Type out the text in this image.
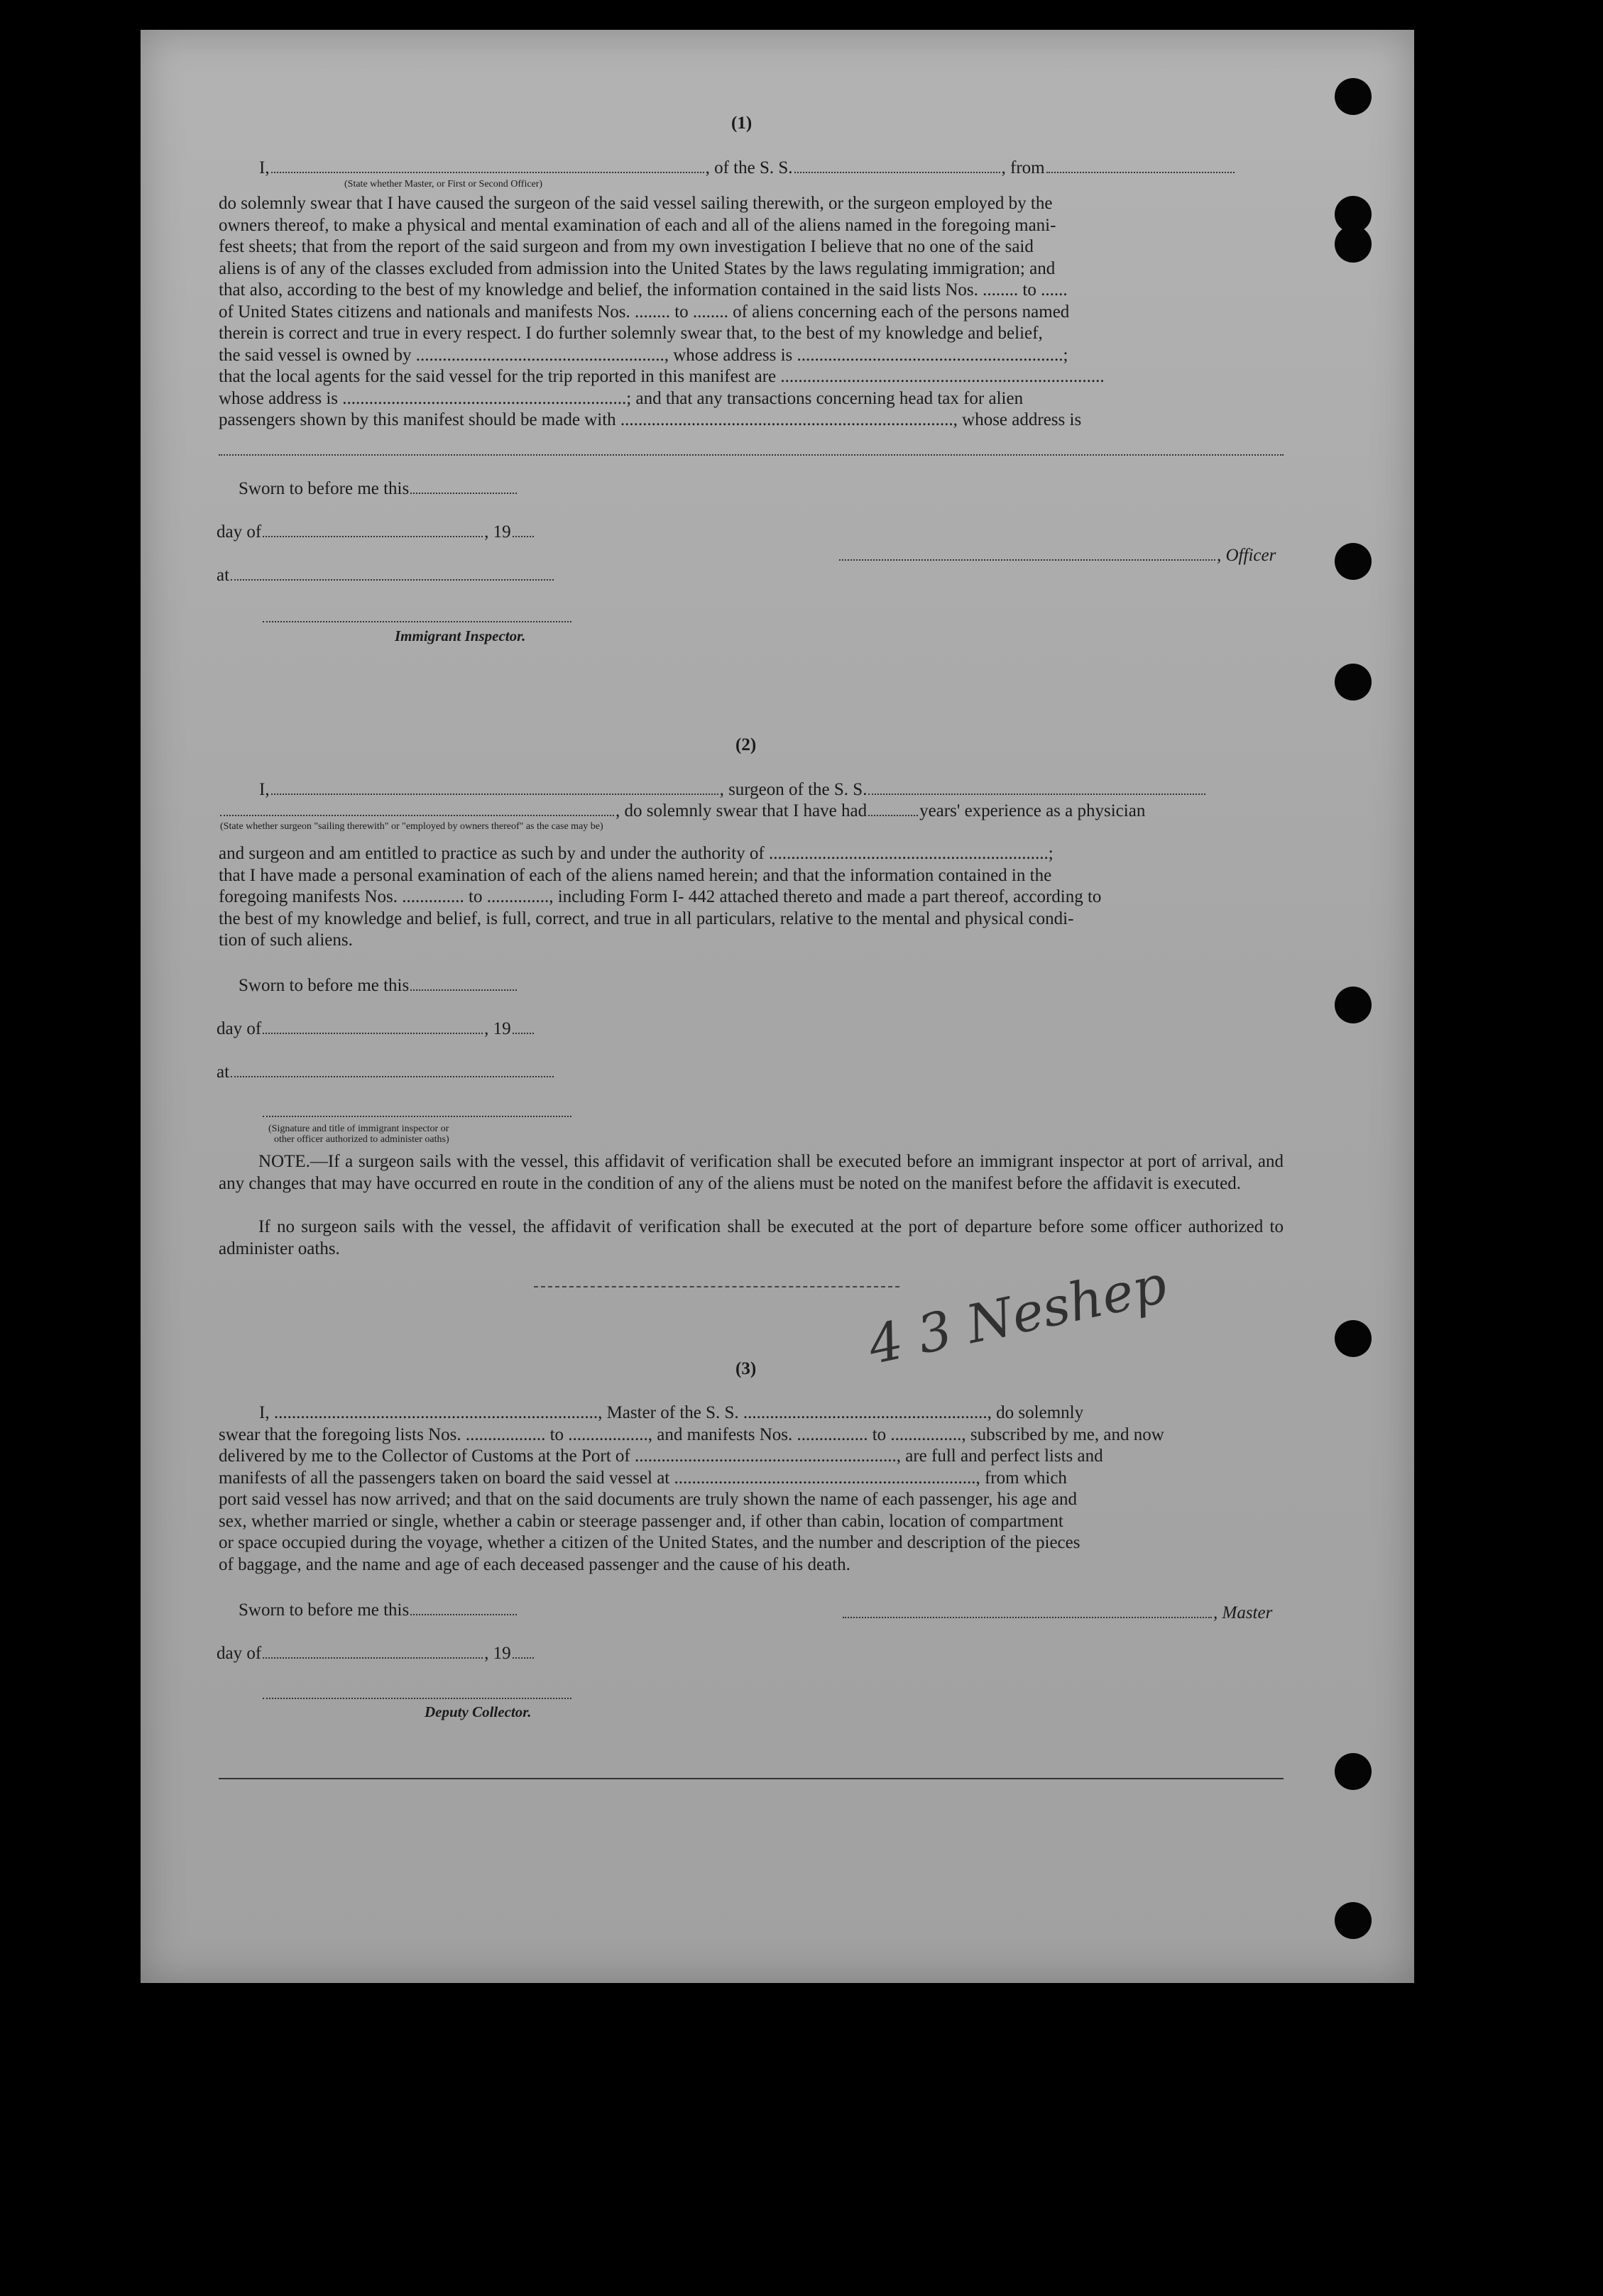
(1)
I,	, of the S. S.	, from
(State whether Master, or First or Second Officer)
do solemnly swear that I have caused the surgeon of the said vessel sailing therewith, or the surgeon employed by the
owners thereof, to make a physical and mental examination of each and all of the aliens named in the foregoing mani-
fest sheets; that from the report of the said surgeon and from my own investigation I believe that no one of the said
aliens is of any of the classes excluded from admission into the United States by the laws regulating immigration; and
that also, according to the best of my knowledge and belief, the information contained in the said lists Nos. ........ to ......
of United States citizens and nationals and manifests Nos. ........ to ........ of aliens concerning each of the persons named
therein is correct and true in every respect. I do further solemnly swear that, to the best of my knowledge and belief,
the said vessel is owned by ........................................................, whose address is ............................................................;
that the local agents for the said vessel for the trip reported in this manifest are .........................................................................
whose address is ................................................................; and that any transactions concerning head tax for alien
passengers shown by this manifest should be made with ..........................................................................., whose address is
Sworn to before me this
day of	, 19
, Officer
at
Immigrant Inspector.
(2)
I,	, surgeon of the S. S.
, do solemnly swear that I have had	years' experience as a physician
(State whether surgeon "sailing therewith" or "employed by owners thereof" as the case may be)
and surgeon and am entitled to practice as such by and under the authority of ...............................................................;
that I have made a personal examination of each of the aliens named herein; and that the information contained in the
foregoing manifests Nos. .............. to .............., including Form I- 442 attached thereto and made a part thereof, according to
the best of my knowledge and belief, is full, correct, and true in all particulars, relative to the mental and physical condi-
tion of such aliens.
Sworn to before me this
day of	, 19
at
(Signature and title of immigrant inspector or
other officer authorized to administer oaths)
NOTE.—If a surgeon sails with the vessel, this affidavit of verification shall be executed before an immigrant inspector at port of arrival, and any changes that may have occurred en route in the condition of any of the aliens must be noted on the manifest before the affidavit is executed.
If no surgeon sails with the vessel, the affidavit of verification shall be executed at the port of departure before some officer authorized to administer oaths.
(3)
I, ........................................................................., Master of the S. S. ......................................................., do solemnly
swear that the foregoing lists Nos. .................. to .................., and manifests Nos. ................ to ................, subscribed by me, and now
delivered by me to the Collector of Customs at the Port of ..........................................................., are full and perfect lists and
manifests of all the passengers taken on board the said vessel at ...................................................................., from which
port said vessel has now arrived; and that on the said documents are truly shown the name of each passenger, his age and
sex, whether married or single, whether a cabin or steerage passenger and, if other than cabin, location of compartment
or space occupied during the voyage, whether a citizen of the United States, and the number and description of the pieces
of baggage, and the name and age of each deceased passenger and the cause of his death.
Sworn to before me this	, Master
day of	, 19
Deputy Collector.
4 3 Neshep
